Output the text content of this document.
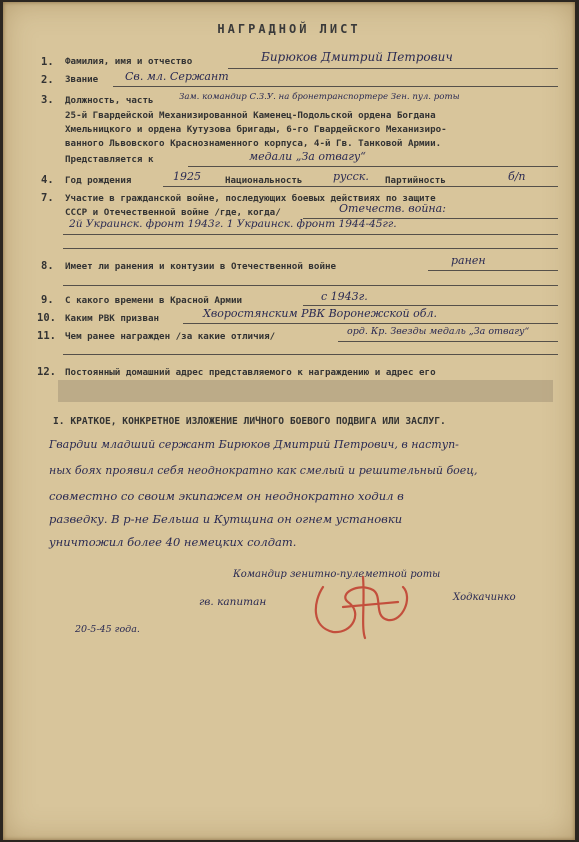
НАГРАДНОЙ ЛИСТ
1. Фамилия, имя и отчество	Бирюков Дмитрий Петрович
2. Звание Св. мл. Сержант
3. Должность, часть	Зам. командир С.З.У. на бронетранспортере Зен. пул. роты
25-й Гвардейской Механизированной Каменец-Подольской ордена Богдана
Хмельницкого и ордена Кутузова бригады, 6-го Гвардейского Механизиро-
ванного Львовского Краснознаменного корпуса, 4-й Гв. Танковой Армии.
Представляется к	медали „За отвагу“
4. Год рождения	1925	Национальность	русск. Партийность	б/п
7. Участие в гражданской войне, последующих боевых действиях по защите
СССР и Отечественной войне /где, когда/	Отечеств. война:
2й Украинск. фронт 1943г. 1 Украинск. фронт 1944-45гг.
8. Имеет ли ранения и контузии в Отечественной войне	ранен
9. С какого времени в Красной Армии	с 1943г.
10. Каким РВК призван	Хворостянским РВК Воронежской обл.
11. Чем ранее награжден /за какие отличия/	орд. Кр. Звезды медаль „За отвагу“
12. Постоянный домашний адрес представляемого к награждению и адрес его
I. КРАТКОЕ, КОНКРЕТНОЕ ИЗЛОЖЕНИЕ ЛИЧНОГО БОЕВОГО ПОДВИГА ИЛИ ЗАСЛУГ.
Гвардии младший сержант Бирюков Дмитрий Петрович, в наступ-
ных боях проявил себя неоднократно как смелый и решительный боец,
совместно со своим экипажем он неоднократно ходил в
разведку. В р-не Бельша и Кутщина он огнем установки
уничтожил более 40 немецких солдат.
Командир зенитно-пулеметной роты
гв. капитан	Ходкачинко
20-5-45 года.
